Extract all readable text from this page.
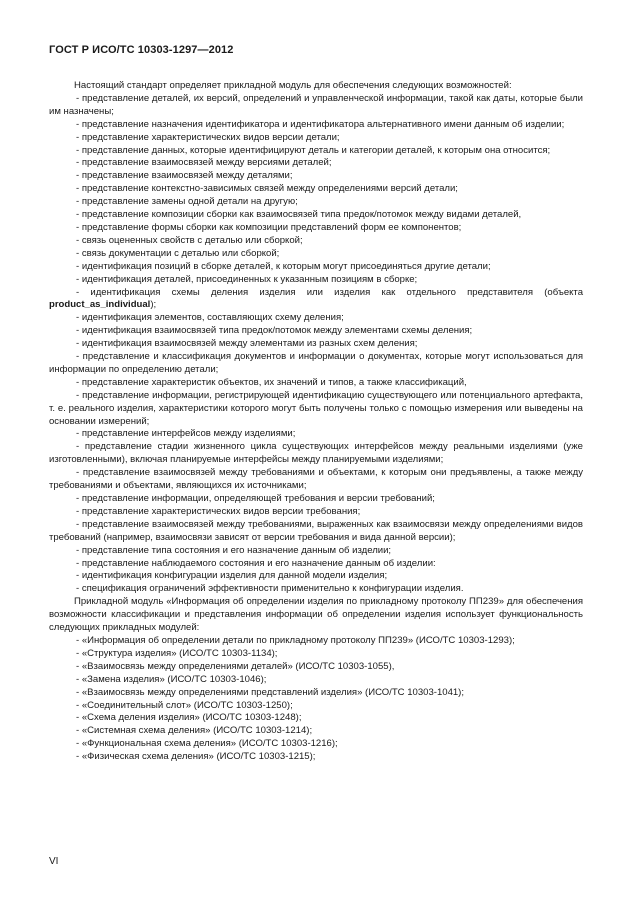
ГОСТ Р ИСО/ТС 10303-1297—2012

Настоящий стандарт определяет прикладной модуль для обеспечения следующих возможностей:

- представление деталей, их версий, определений и управленческой информации, такой как даты, которые были им назначены;

- представление назначения идентификатора и идентификатора альтернативного имени данным об изделии;

- представление характеристических видов версии детали;

- представление данных, которые идентифицируют деталь и категории деталей, к которым она относится;

- представление взаимосвязей между версиями деталей;

- представление взаимосвязей между деталями;

- представление контекстно-зависимых связей между определениями версий детали;

- представление замены одной детали на другую;

- представление композиции сборки как взаимосвязей типа предок/потомок между видами деталей,

- представление формы сборки как композиции представлений форм ее компонентов;

- связь оцененных свойств с деталью или сборкой;

- связь документации с деталью или сборкой;

- идентификация позиций в сборке деталей, к которым могут присоединяться другие детали;

- идентификация деталей, присоединенных к указанным позициям в сборке;

- идентификация схемы деления изделия или изделия как отдельного представителя (объекта product_as_individual);

- идентификация элементов, составляющих схему деления;

- идентификация взаимосвязей типа предок/потомок между элементами схемы деления;

- идентификация взаимосвязей между элементами из разных схем деления;

- представление и классификация документов и информации о документах, которые могут использоваться для информации по определению детали;

- представление характеристик объектов, их значений и типов, а также классификаций,

- представление информации, регистрирующей идентификацию существующего или потенциального артефакта, т. е. реального изделия, характеристики которого могут быть получены только с помощью измерения или выведены на основании измерений;

- представление интерфейсов между изделиями;

- представление стадии жизненного цикла существующих интерфейсов между реальными изделиями (уже изготовленными), включая планируемые интерфейсы между планируемыми изделиями;

- представление взаимосвязей между требованиями и объектами, к которым они предъявлены, а также между требованиями и объектами, являющихся их источниками;

- представление информации, определяющей требования и версии требований;

- представление характеристических видов версии требования;

- представление взаимосвязей между требованиями, выраженных как взаимосвязи между определениями видов требований (например, взаимосвязи зависят от версии требования и вида данной версии);

- представление типа состояния и его назначение данным об изделии;

- представление наблюдаемого состояния и его назначение данным об изделии:

- идентификация конфигурации изделия для данной модели изделия;

- спецификация ограничений эффективности применительно к конфигурации изделия.

Прикладной модуль «Информация об определении изделия по прикладному протоколу ПП239» для обеспечения возможности классификации и представления информации об определении изделия использует функциональность следующих прикладных модулей:

- «Информация об определении детали по прикладному протоколу ПП239» (ИСО/ТС 10303-1293);

- «Структура изделия» (ИСО/ТС 10303-1134);

- «Взаимосвязь между определениями деталей» (ИСО/ТС 10303-1055),

- «Замена изделия» (ИСО/ТС 10303-1046);

- «Взаимосвязь между определениями представлений изделия» (ИСО/ТС 10303-1041);

- «Соединительный слот» (ИСО/ТС 10303-1250);

- «Схема деления изделия» (ИСО/ТС 10303-1248);

- «Системная схема деления» (ИСО/ТС 10303-1214);

- «Функциональная схема деления» (ИСО/ТС 10303-1216);

- «Физическая схема деления» (ИСО/ТС 10303-1215);

VI
